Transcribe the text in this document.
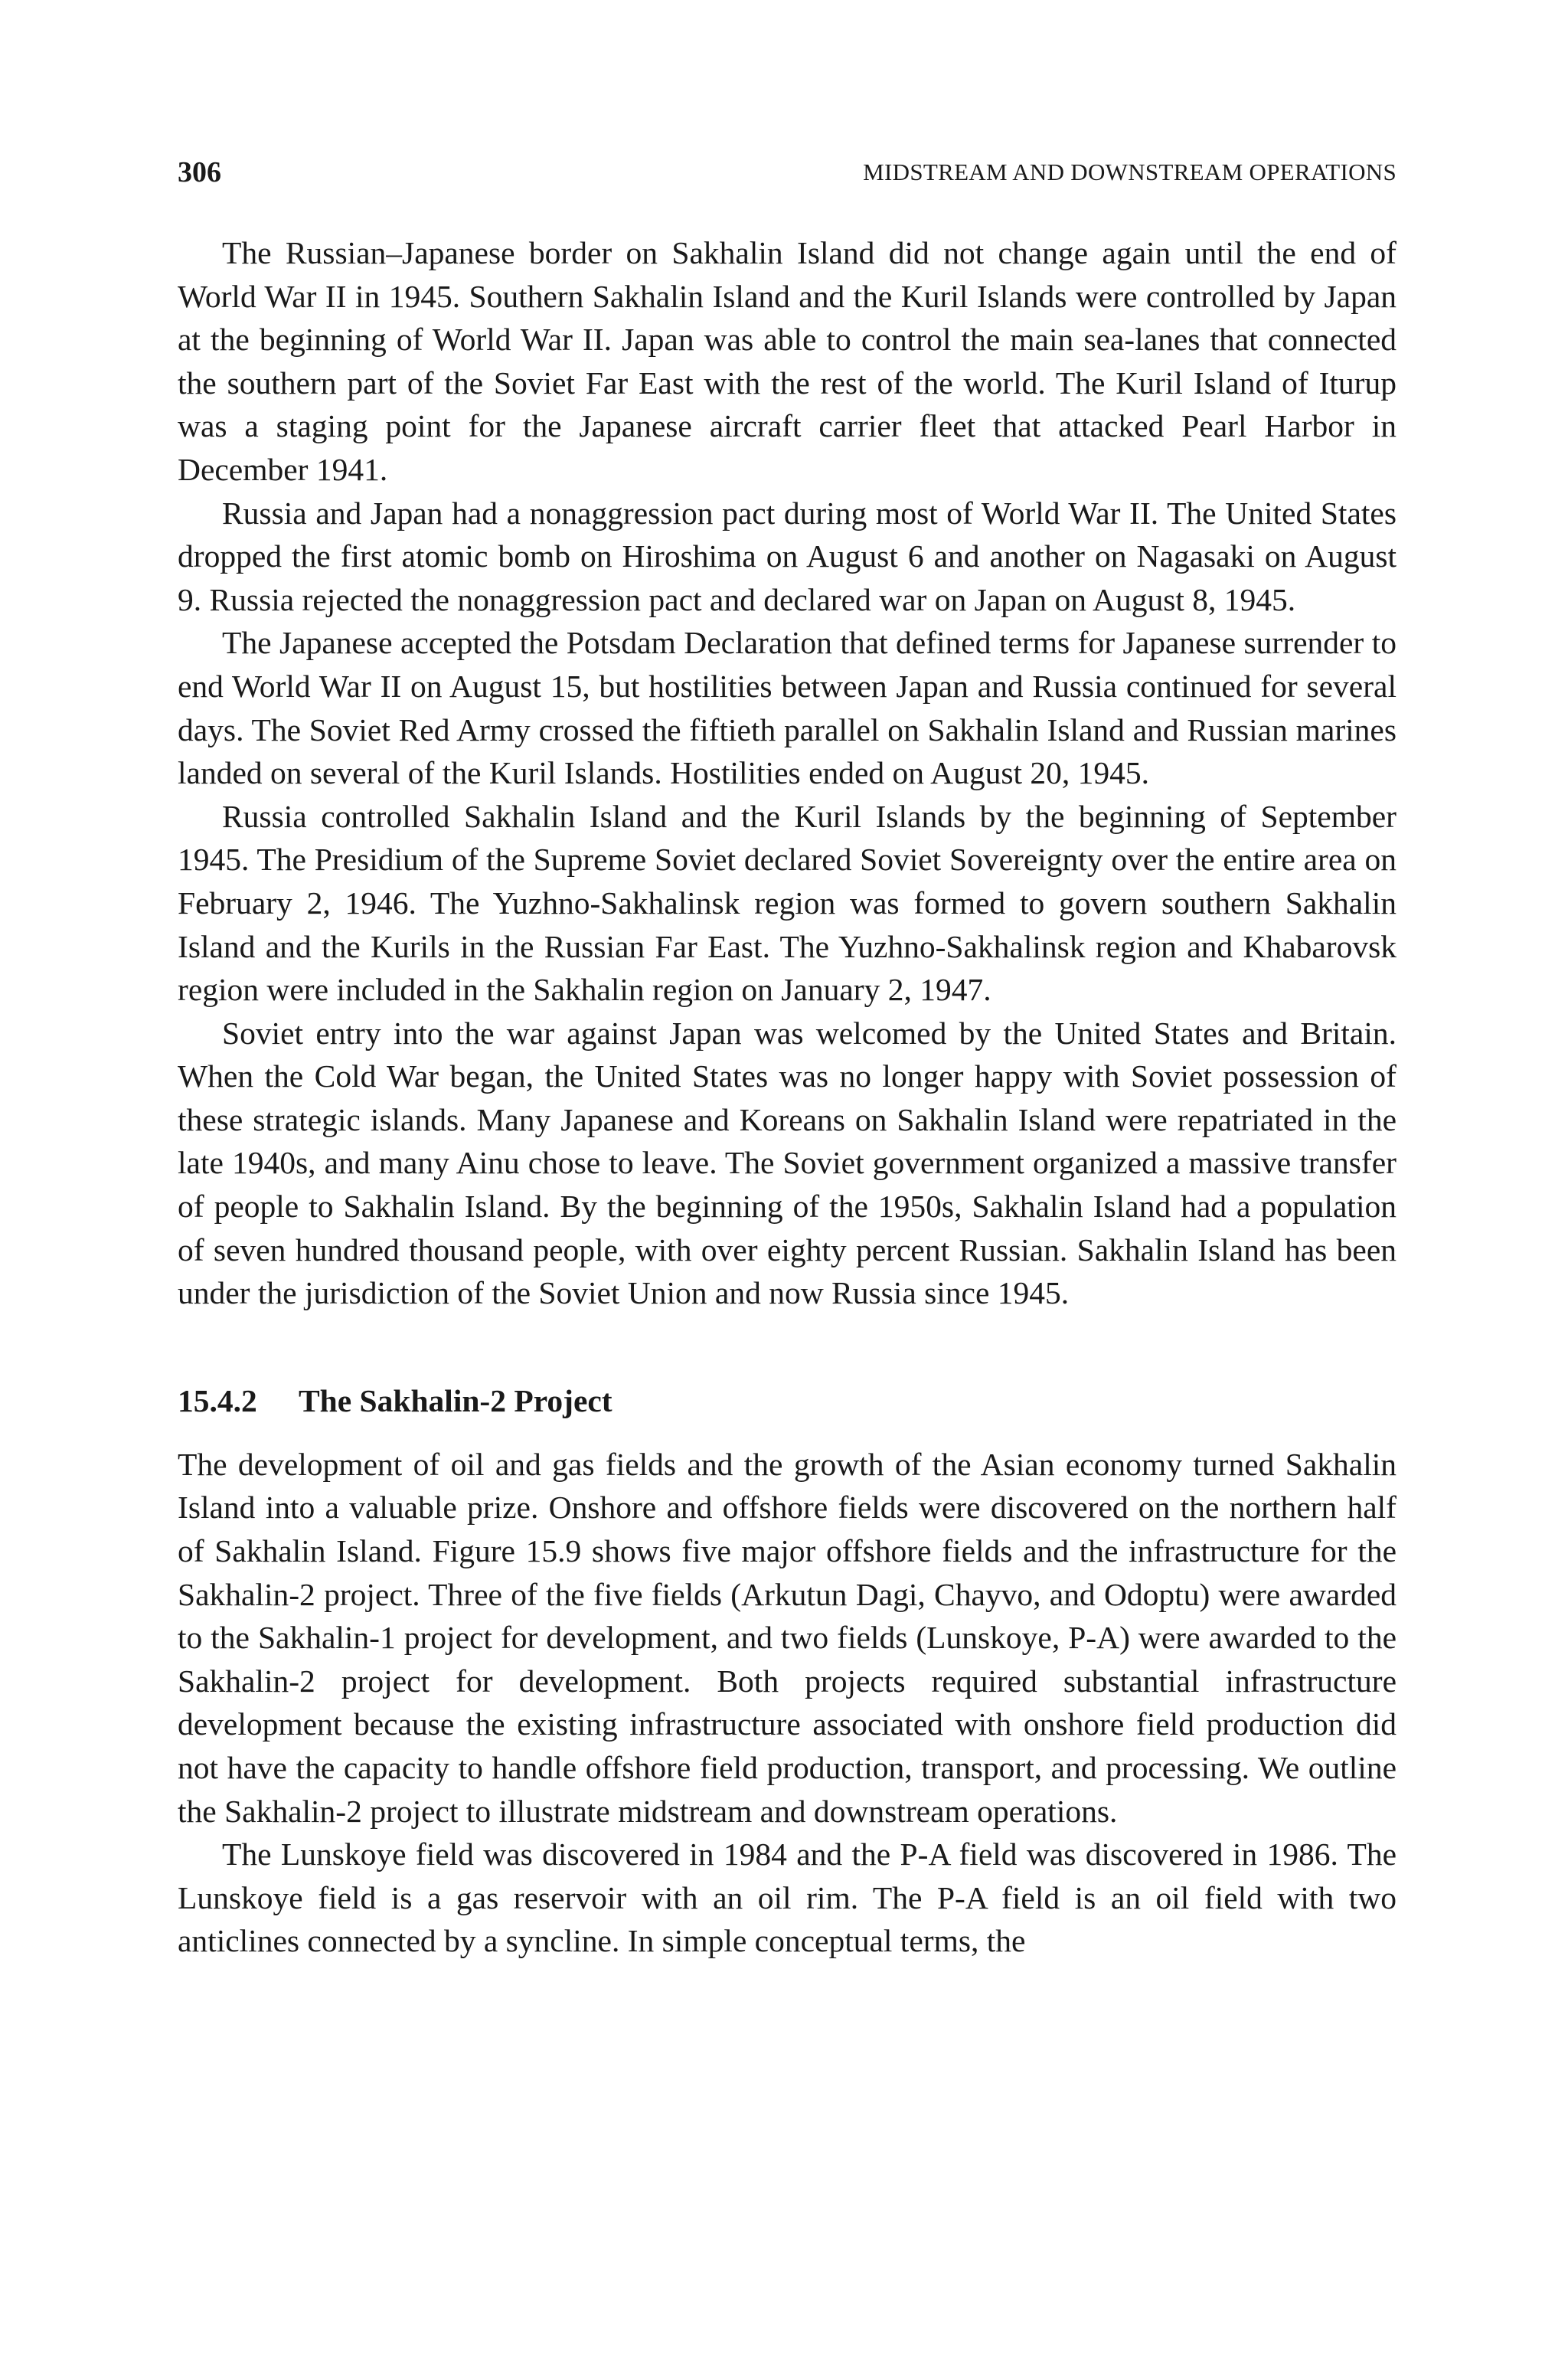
306	MIDSTREAM AND DOWNSTREAM OPERATIONS

The Russian–Japanese border on Sakhalin Island did not change again until the end of World War II in 1945. Southern Sakhalin Island and the Kuril Islands were controlled by Japan at the beginning of World War II. Japan was able to control the main sea-lanes that connected the southern part of the Soviet Far East with the rest of the world. The Kuril Island of Iturup was a staging point for the Japanese aircraft carrier fleet that attacked Pearl Harbor in December 1941.

Russia and Japan had a nonaggression pact during most of World War II. The United States dropped the first atomic bomb on Hiroshima on August 6 and another on Nagasaki on August 9. Russia rejected the nonaggression pact and declared war on Japan on August 8, 1945.

The Japanese accepted the Potsdam Declaration that defined terms for Japanese surrender to end World War II on August 15, but hostilities between Japan and Russia continued for several days. The Soviet Red Army crossed the fiftieth parallel on Sakhalin Island and Russian marines landed on several of the Kuril Islands. Hostilities ended on August 20, 1945.

Russia controlled Sakhalin Island and the Kuril Islands by the beginning of September 1945. The Presidium of the Supreme Soviet declared Soviet Sovereignty over the entire area on February 2, 1946. The Yuzhno-Sakhalinsk region was formed to govern southern Sakhalin Island and the Kurils in the Russian Far East. The Yuzhno-Sakhalinsk region and Khabarovsk region were included in the Sakhalin region on January 2, 1947.

Soviet entry into the war against Japan was welcomed by the United States and Britain. When the Cold War began, the United States was no longer happy with Soviet possession of these strategic islands. Many Japanese and Koreans on Sakhalin Island were repatriated in the late 1940s, and many Ainu chose to leave. The Soviet government organized a massive transfer of people to Sakhalin Island. By the beginning of the 1950s, Sakhalin Island had a population of seven hundred thousand people, with over eighty percent Russian. Sakhalin Island has been under the jurisdiction of the Soviet Union and now Russia since 1945.

15.4.2 The Sakhalin-2 Project

The development of oil and gas fields and the growth of the Asian economy turned Sakhalin Island into a valuable prize. Onshore and offshore fields were discovered on the northern half of Sakhalin Island. Figure 15.9 shows five major offshore fields and the infrastructure for the Sakhalin-2 project. Three of the five fields (Arkutun Dagi, Chayvo, and Odoptu) were awarded to the Sakhalin-1 project for development, and two fields (Lunskoye, P-A) were awarded to the Sakhalin-2 project for development. Both projects required substantial infrastructure development because the existing infrastructure associated with onshore field production did not have the capacity to handle offshore field production, transport, and processing. We outline the Sakhalin-2 project to illustrate midstream and downstream operations.

The Lunskoye field was discovered in 1984 and the P-A field was discovered in 1986. The Lunskoye field is a gas reservoir with an oil rim. The P-A field is an oil field with two anticlines connected by a syncline. In simple conceptual terms, the
